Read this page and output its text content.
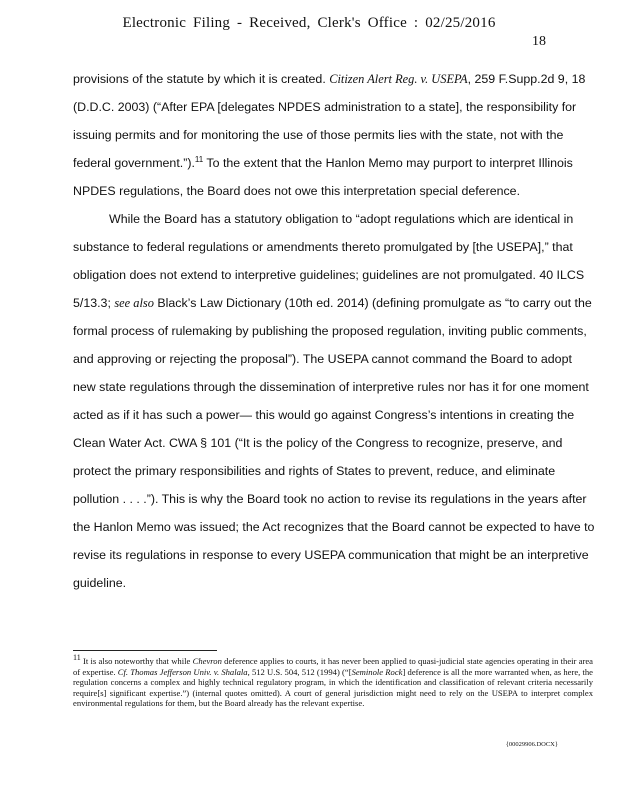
Electronic Filing - Received, Clerk's Office : 02/25/2016
18

provisions of the statute by which it is created. Citizen Alert Reg. v. USEPA, 259 F.Supp.2d 9, 18 (D.D.C. 2003) (“After EPA [delegates NPDES administration to a state], the responsibility for issuing permits and for monitoring the use of those permits lies with the state, not with the federal government.”).$^{11}$ To the extent that the Hanlon Memo may purport to interpret Illinois NPDES regulations, the Board does not owe this interpretation special deference.

While the Board has a statutory obligation to “adopt regulations which are identical in substance to federal regulations or amendments thereto promulgated by [the USEPA],” that obligation does not extend to interpretive guidelines; guidelines are not promulgated. 40 ILCS 5/13.3; see also Black’s Law Dictionary (10th ed. 2014) (defining promulgate as “to carry out the formal process of rulemaking by publishing the proposed regulation, inviting public comments, and approving or rejecting the proposal”). The USEPA cannot command the Board to adopt new state regulations through the dissemination of interpretive rules nor has it for one moment acted as if it has such a power— this would go against Congress’s intentions in creating the Clean Water Act. CWA § 101 (“It is the policy of the Congress to recognize, preserve, and protect the primary responsibilities and rights of States to prevent, reduce, and eliminate pollution . . . .”). This is why the Board took no action to revise its regulations in the years after the Hanlon Memo was issued; the Act recognizes that the Board cannot be expected to have to revise its regulations in response to every USEPA communication that might be an interpretive guideline.

$^{11}$ It is also noteworthy that while Chevron deference applies to courts, it has never been applied to quasi-judicial state agencies operating in their area of expertise. Cf. Thomas Jefferson Univ. v. Shalala, 512 U.S. 504, 512 (1994) (“[Seminole Rock] deference is all the more warranted when, as here, the regulation concerns a complex and highly technical regulatory program, in which the identification and classification of relevant criteria necessarily require[s] significant expertise.”) (internal quotes omitted). A court of general jurisdiction might need to rely on the USEPA to interpret complex environmental regulations for them, but the Board already has the relevant expertise.
{00029906.DOCX}
